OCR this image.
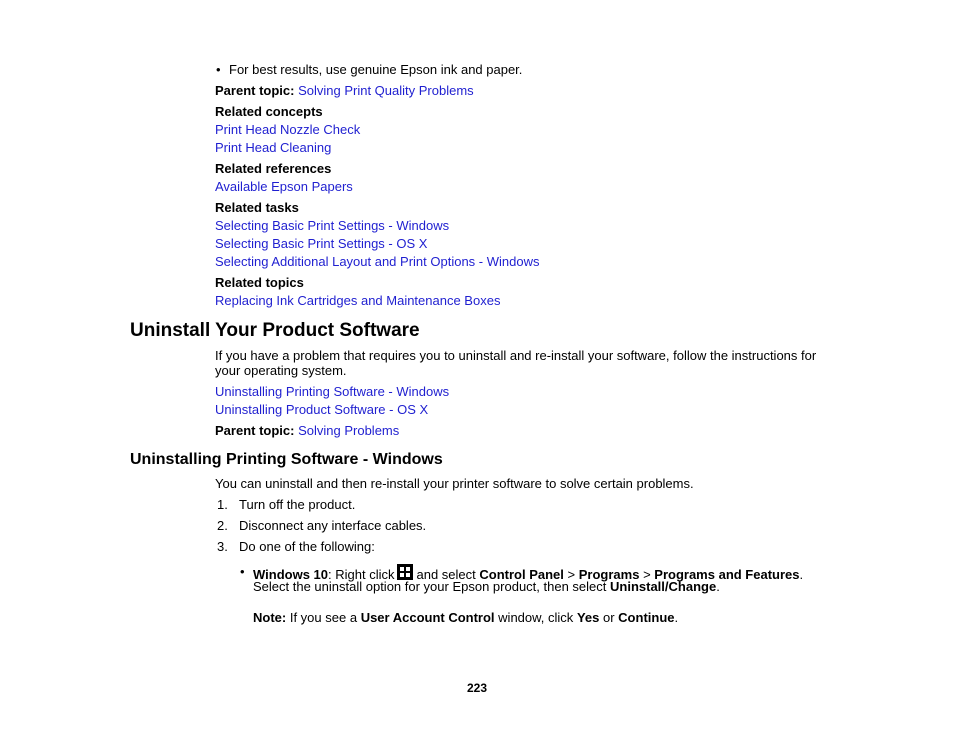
• For best results, use genuine Epson ink and paper.
Parent topic: Solving Print Quality Problems
Related concepts
Print Head Nozzle Check
Print Head Cleaning
Related references
Available Epson Papers
Related tasks
Selecting Basic Print Settings - Windows
Selecting Basic Print Settings - OS X
Selecting Additional Layout and Print Options - Windows
Related topics
Replacing Ink Cartridges and Maintenance Boxes
Uninstall Your Product Software
If you have a problem that requires you to uninstall and re-install your software, follow the instructions for
your operating system.
Uninstalling Printing Software - Windows
Uninstalling Product Software - OS X
Parent topic: Solving Problems
Uninstalling Printing Software - Windows
You can uninstall and then re-install your printer software to solve certain problems.
1. Turn off the product.
2. Disconnect any interface cables.
3. Do one of the following:
• Windows 10: Right click and select Control Panel > Programs > Programs and Features.
Select the uninstall option for your Epson product, then select Uninstall/Change.
Note: If you see a User Account Control window, click Yes or Continue.
223
